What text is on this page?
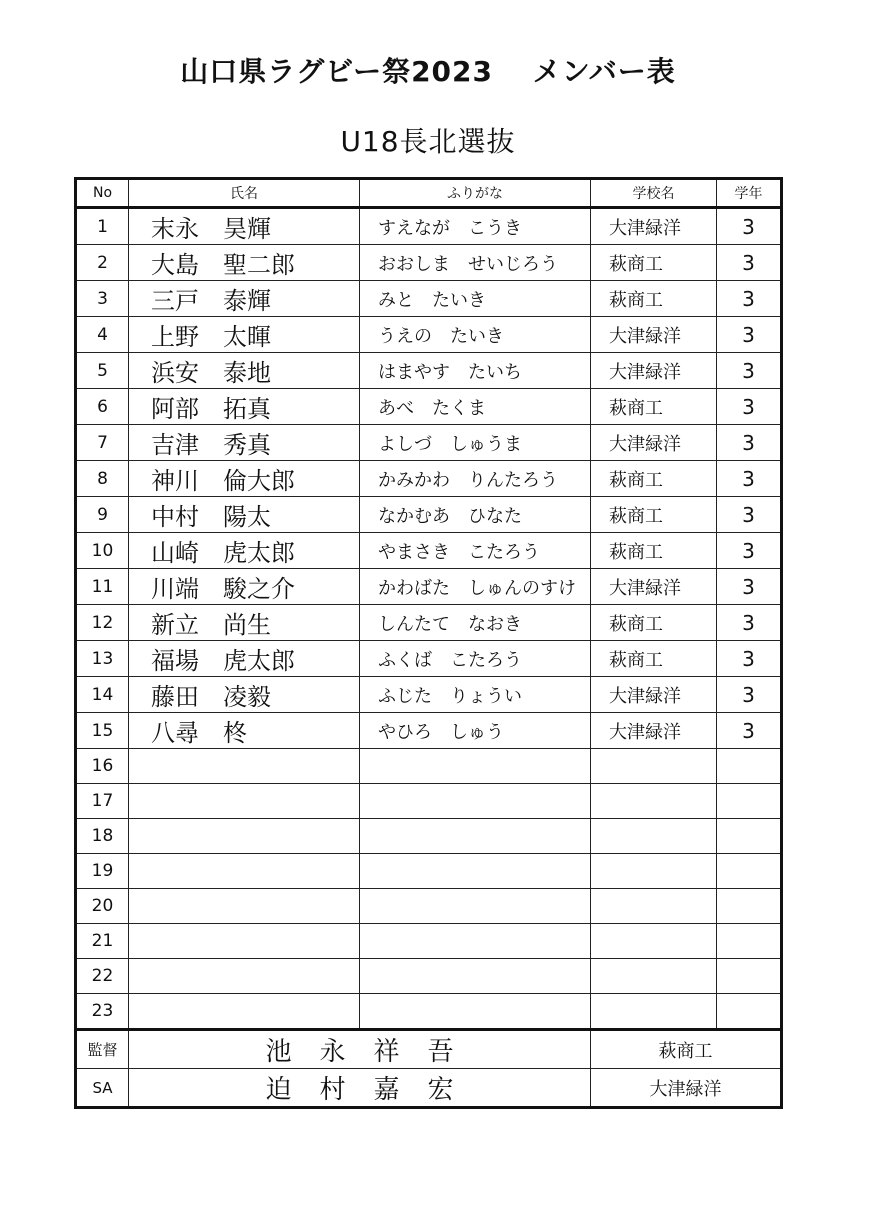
山口県ラグビー祭2023　 メンバー表
U18長北選抜
No	氏名	ふりがな	学校名	学年
1	末永　昊輝	すえなが　こうき	大津緑洋	3
2	大島　聖二郎	おおしま　せいじろう	萩商工	3
3	三戸　泰輝	みと　たいき	萩商工	3
4	上野　太暉	うえの　たいき	大津緑洋	3
5	浜安　泰地	はまやす　たいち	大津緑洋	3
6	阿部　拓真	あべ　たくま	萩商工	3
7	吉津　秀真	よしづ　しゅうま	大津緑洋	3
8	神川　倫大郎	かみかわ　りんたろう	萩商工	3
9	中村　陽太	なかむあ　ひなた	萩商工	3
10	山崎　虎太郎	やまさき　こたろう	萩商工	3
11	川端　駿之介	かわばた　しゅんのすけ	大津緑洋	3
12	新立　尚生	しんたて　なおき	萩商工	3
13	福場　虎太郎	ふくば　こたろう	萩商工	3
14	藤田　凌毅	ふじた　りょうい	大津緑洋	3
15	八尋　柊	やひろ　しゅう	大津緑洋	3
16				
17				
18				
19				
20				
21				
22				
23				
監督	池永祥吾		萩商工	
SA	迫村嘉宏		大津緑洋	
